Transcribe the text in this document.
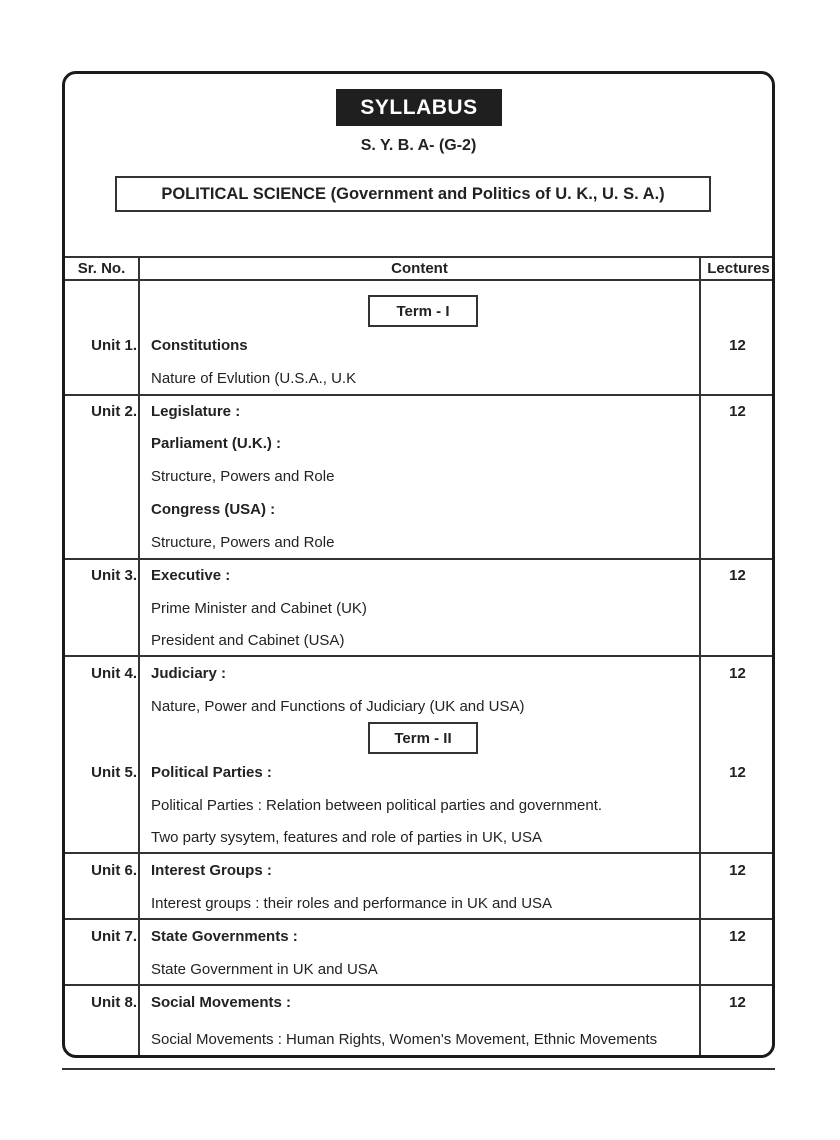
SYLLABUS
S. Y. B. A- (G-2)
POLITICAL SCIENCE (Government and Politics of U. K., U. S. A.)
Sr. No.	Content	Lectures
Term - I
Unit 1. Constitutions	12
Nature of Evlution (U.S.A., U.K
Unit 2. Legislature :	12
Parliament (U.K.) :
Structure, Powers and Role
Congress (USA) :
Structure, Powers and Role
Unit 3. Executive :	12
Prime Minister and Cabinet (UK)
President and Cabinet (USA)
Unit 4. Judiciary :	12
Nature, Power and Functions of Judiciary (UK and USA)
Term - II
Unit 5. Political Parties :	12
Political Parties : Relation between political parties and government.
Two party sysytem, features and role of parties in UK, USA
Unit 6. Interest Groups :	12
Interest groups : their roles and performance in UK and USA
Unit 7. State Governments :	12
State Government in UK and USA
Unit 8. Social Movements :	12
Social Movements : Human Rights, Women's Movement, Ethnic Movements
